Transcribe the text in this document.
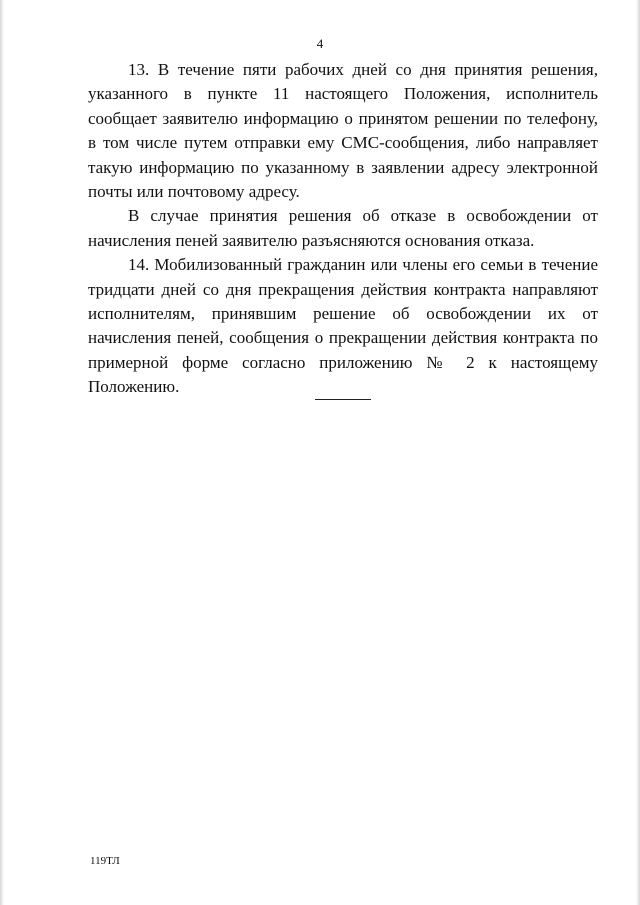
4

13. В течение пяти рабочих дней со дня принятия решения, указанного в пункте 11 настоящего Положения, исполнитель сообщает заявителю информацию о принятом решении по телефону, в том числе путем отправки ему СМС-сообщения, либо направляет такую информацию по указанному в заявлении адресу электронной почты или почтовому адресу.

В случае принятия решения об отказе в освобождении от начисления пеней заявителю разъясняются основания отказа.

14. Мобилизованный гражданин или члены его семьи в течение тридцати дней со дня прекращения действия контракта направляют исполнителям, принявшим решение об освобождении их от начисления пеней, сообщения о прекращении действия контракта по примерной форме согласно приложению № 2 к настоящему Положению.

119ТЛ
